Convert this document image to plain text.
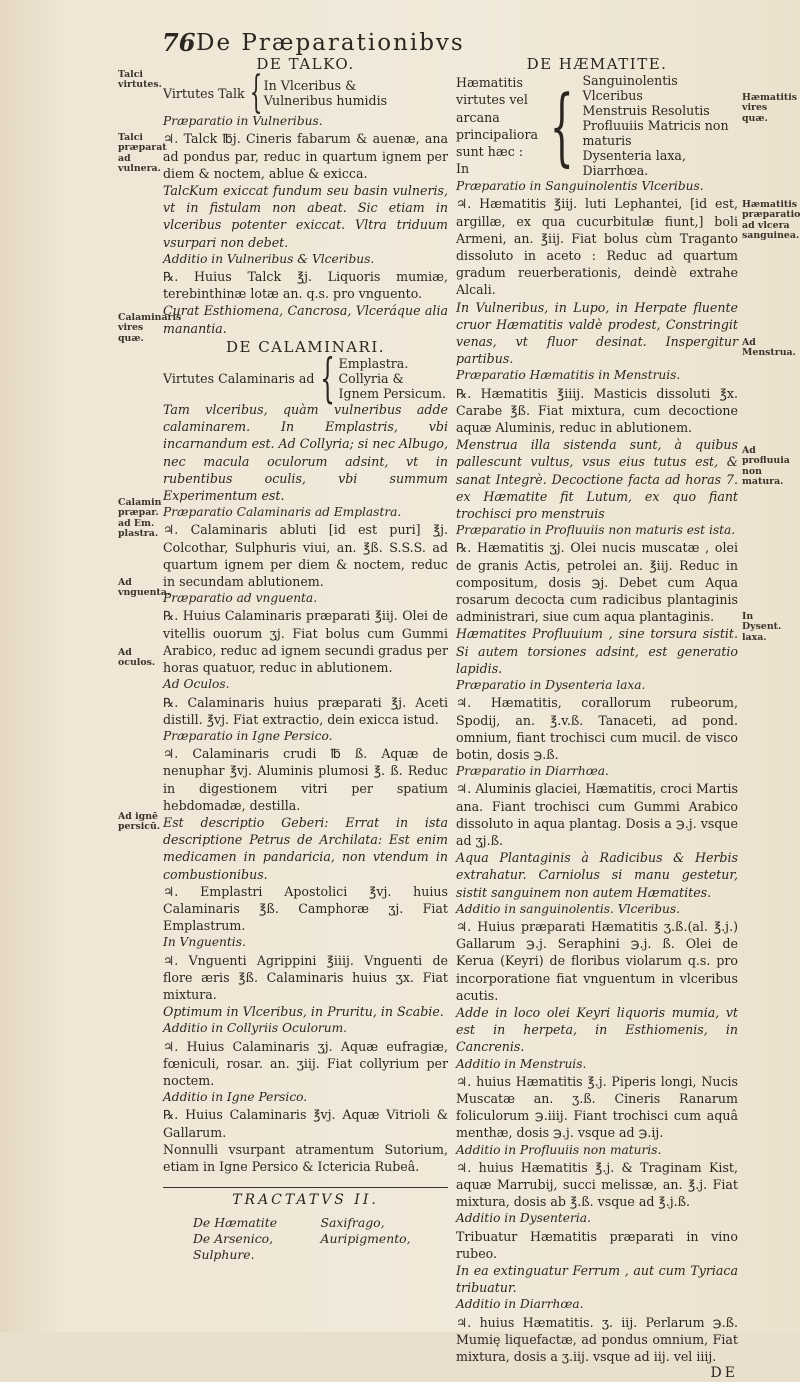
76 De Præparationibvs
Talci virtutes.
Talci præparat ad vulnera.
Calaminaris vires quæ.
Calamin præpar. ad Em. plastra.
Ad vnguenta.
Ad oculos.
Ad ignē persicū.
Hæmatitis vires quæ.
Hæmatitis præparatio ad vlcera sanguinea.
Ad Menstrua.
Ad profluuia non matura.
In Dysent. laxa.
DE TALKO.
Virtutes Talk { In Vlceribus &
Vulneribus humidis

Præparatio in Vulneribus.

♃. Talck ℔j. Cineris fabarum & auenæ, ana ad pondus par, reduc in quartum ignem per diem & noctem, ablue & exicca.

TalcKum exiccat fundum seu basin vulneris, vt in fistulam non abeat. Sic etiam in vlceribus potenter exiccat. Vltra triduum vsurpari non debet.

Additio in Vulneribus & Vlceribus.

℞. Huius Talck ℥j. Liquoris mumiæ, terebinthinæ lotæ an. q.s. pro vnguento.

Curat Esthiomena, Cancrosa, Vlceráque alia manantia.

DE CALAMINARI.
Virtutes Calaminaris ad { Emplastra.
Collyria &
Ignem Persicum.

Tam vlceribus, quàm vulneribus adde calaminarem. In Emplastris, vbi incarnandum est. Ad Collyria; si nec Albugo, nec macula oculorum adsint, vt in rubentibus oculis, vbi summum Experimentum est.

Præparatio Calaminaris ad Emplastra.

♃. Calaminaris abluti [id est puri] ℥j. Colcothar, Sulphuris viui, an. ℥ß. S.S.S. ad quartum ignem per diem & noctem, reduc in secundam ablutionem.

Præparatio ad vnguenta.

℞. Huius Calaminaris præparati ℥iij. Olei de vitellis ouorum ʒj. Fiat bolus cum Gummi Arabico, reduc ad ignem secundi gradus per horas quatuor, reduc in ablutionem.

Ad Oculos.

℞. Calaminaris huius præparati ℥j. Aceti distill. ℥vj. Fiat extractio, dein exicca istud.

Præparatio in Igne Persico.

♃. Calaminaris crudi ℔ ß. Aquæ de nenuphar ℥vj. Aluminis plumosi ℥. ß. Reduc in digestionem vitri per spatium hebdomadæ, destilla.

Est descriptio Geberi: Errat in ista descriptione Petrus de Archilata: Est enim medicamen in pandaricia, non vtendum in combustionibus.

♃. Emplastri Apostolici ℥vj. huius Calaminaris ℥ß. Camphoræ ʒj. Fiat Emplastrum.

In Vnguentis.

♃. Vnguenti Agrippini ℥iiij. Vnguenti de flore æris ℥ß. Calaminaris huius ʒx. Fiat mixtura.

Optimum in Vlceribus, in Pruritu, in Scabie.

Additio in Collyriis Oculorum.

♃. Huius Calaminaris ʒj. Aquæ eufragiæ, fœniculi, rosar. an. ʒiij. Fiat collyrium per noctem.

Additio in Igne Persico.

℞. Huius Calaminaris ℥vj. Aquæ Vitrioli & Gallarum.

Nonnulli vsurpant atramentum Sutorium, etiam in Igne Persico & Ictericia Rubeâ.

TRACTATVS II.
De Hæmatite	Saxifrago,
De Arsenico,	Auripigmento,
Sulphure.
DE HÆMATITE.
Hæmatitis virtutes vel arcana principaliora sunt hæc : In { Sanguinolentis Vlceribus
Menstruis Resolutis
Profluuiis Matricis non maturis
Dysenteria laxa, Diarrhœa.

Præparatio in Sanguinolentis Vlceribus.

♃. Hæmatitis ℥iij. luti Lephantei, [id est, argillæ, ex qua cucurbitulæ fiunt,] boli Armeni, an. ℥iij. Fiat bolus cùm Traganto dissoluto in aceto : Reduc ad quartum gradum reuerberationis, deindè extrahe Alcali.

In Vulneribus, in Lupo, in Herpate fluente cruor Hæmatitis valdè prodest, Constringit venas, vt fluor desinat. Inspergitur partibus.

Præparatio Hæmatitis in Menstruis.

℞. Hæmatitis ℥iiij. Masticis dissoluti ℥x. Carabe ℥ß. Fiat mixtura, cum decoctione aquæ Aluminis, reduc in ablutionem.

Menstrua illa sistenda sunt, à quibus pallescunt vultus, vsus eius tutus est, & sanat Integrè. Decoctione facta ad horas 7. ex Hæmatite fit Lutum, ex quo fiant trochisci pro menstruis

Præparatio in Profluuiis non maturis est ista.

℞. Hæmatitis ʒj. Olei nucis muscatæ , olei de granis Actis, petrolei an. ℥iij. Reduc in compositum, dosis ℈j. Debet cum Aqua rosarum decocta cum radicibus plantaginis administrari, siue cum aqua plantaginis.

Hæmatites Profluuium , sine torsura sistit. Si autem torsiones adsint, est generatio lapidis.

Præparatio in Dysenteria laxa.

♃. Hæmatitis, corallorum rubeorum, Spodij, an. ℥.v.ß. Tanaceti, ad pond. omnium, fiant trochisci cum mucil. de visco botin, dosis ℈.ß.

Præparatio in Diarrhœa.

♃. Aluminis glaciei, Hæmatitis, croci Martis ana. Fiant trochisci cum Gummi Arabico dissoluto in aqua plantag. Dosis a ℈.j. vsque ad ʒj.ß.

Aqua Plantaginis à Radicibus & Herbis extrahatur. Carniolus si manu gestetur, sistit sanguinem non autem Hæmatites.

Additio in sanguinolentis. Vlceribus.

♃. Huius præparati Hæmatitis ʒ.ß.(al. ℥.j.) Gallarum ℈.j. Seraphini ℈.j. ß. Olei de Kerua (Keyri) de floribus violarum q.s. pro incorporatione fiat vnguentum in vlceribus acutis.

Adde in loco olei Keyri liquoris mumia, vt est in herpeta, in Esthiomenis, in Cancrenis.

Additio in Menstruis.

♃. huius Hæmatitis ℥.j. Piperis longi, Nucis Muscatæ an. ʒ.ß. Cineris Ranarum foliculorum ℈.iiij. Fiant trochisci cum aquâ menthæ, dosis ℈.j. vsque ad ℈.ij.

Additio in Profluuiis non maturis.

♃. huius Hæmatitis ℥.j. & Traginam Kist, aquæ Marrubij, succi melissæ, an. ℥.j. Fiat mixtura, dosis ab ℥.ß. vsque ad ℥.j.ß.

Additio in Dysenteria.

Tribuatur Hæmatitis præparati in vino rubeo.

In ea extinguatur Ferrum , aut cum Tyriaca tribuatur.

Additio in Diarrhœa.

♃. huius Hæmatitis. ʒ. iij. Perlarum ℈.ß. Mumię liquefactæ, ad pondus omnium, Fiat mixtura, dosis a ʒ.iij. vsque ad iij. vel iiij.

DE
